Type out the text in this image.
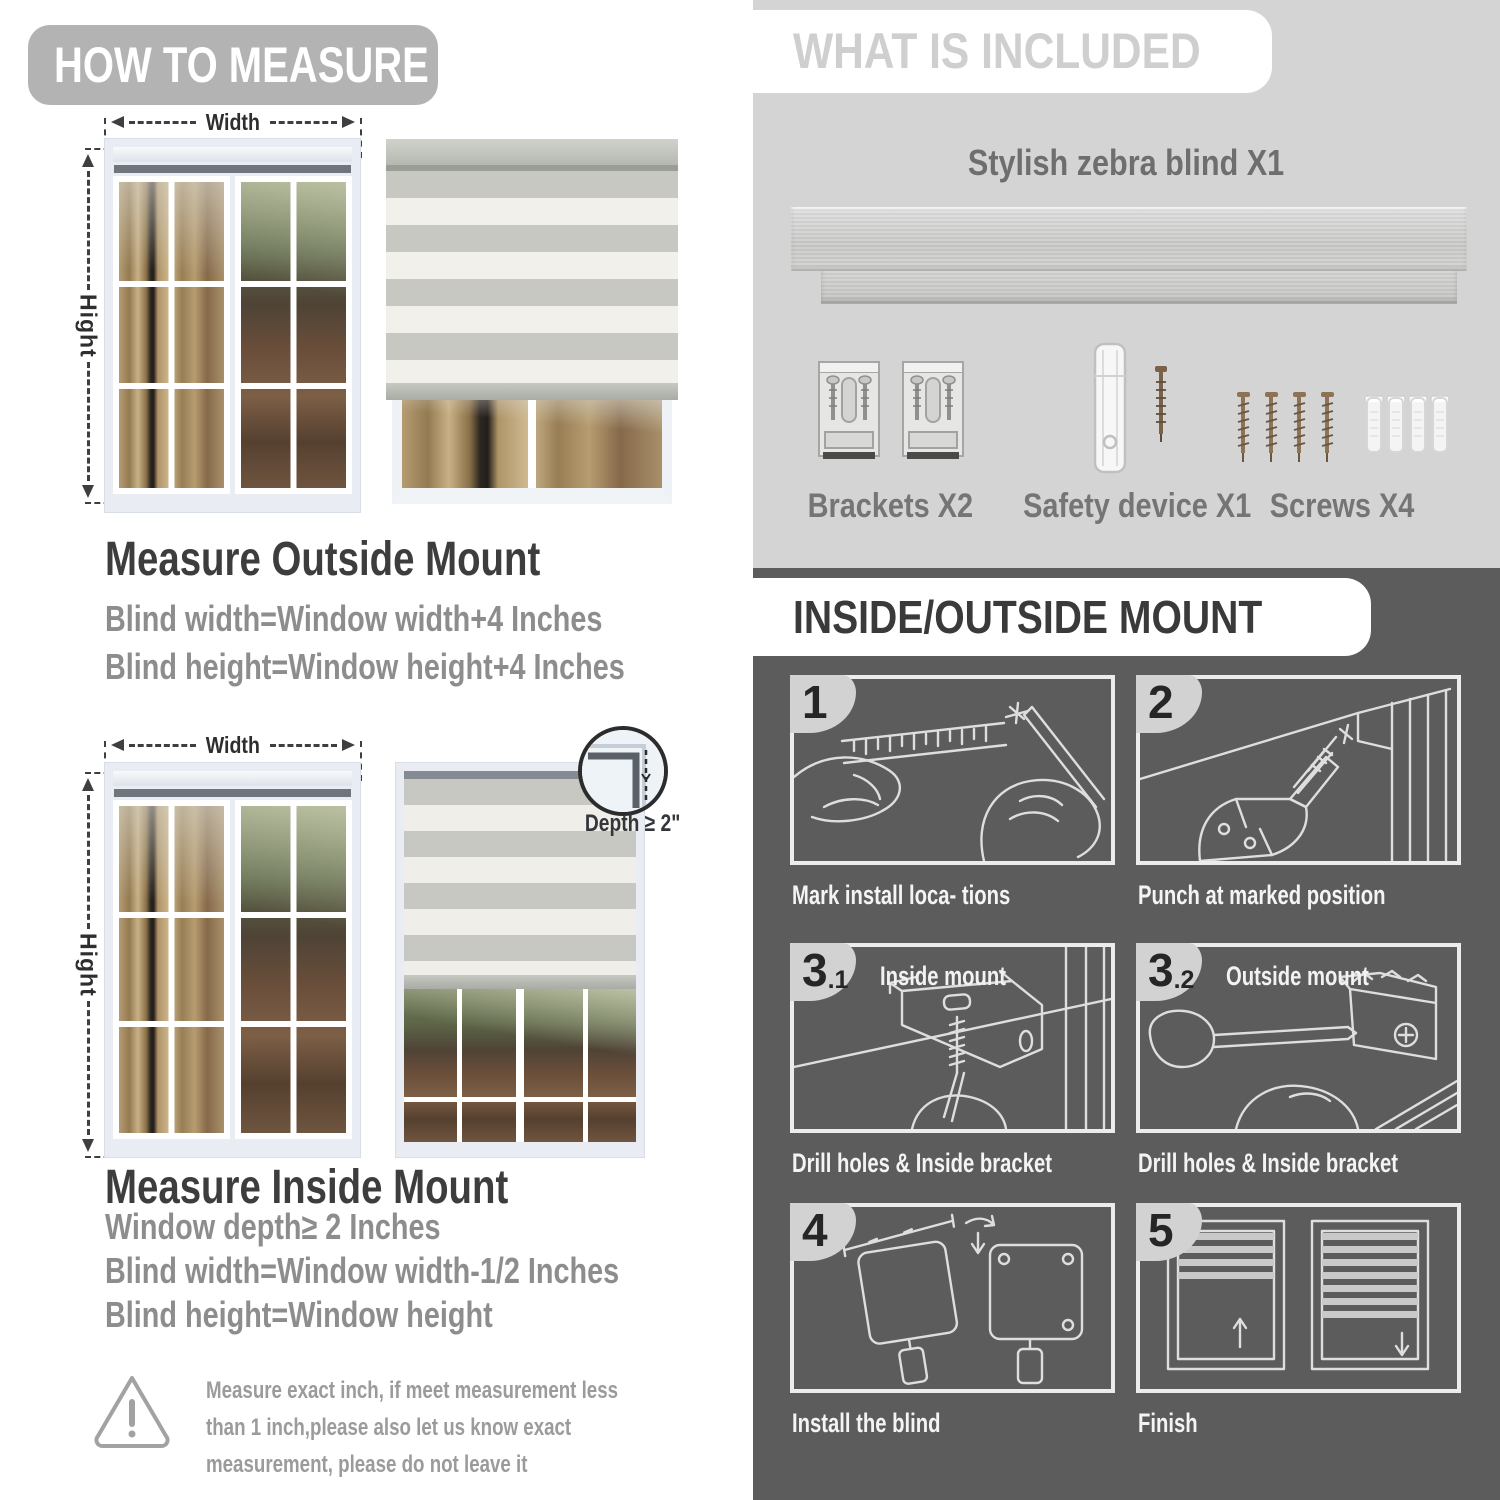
HOW TO MEASURE
Width
Hight
Measure Outside Mount
Blind width=Window width+4 Inches
Blind height=Window height+4 Inches
Width
Hight
Depth ≥ 2"
Measure Inside Mount
Window depth≥ 2 Inches
Blind width=Window width-1/2 Inches
Blind height=Window height
Measure exact inch, if meet measurement less than 1 inch,please also let us know exact measurement, please do not leave it
WHAT IS INCLUDED
Stylish zebra blind X1
Brackets X2	Safety device X1 Screws X4
INSIDE/OUTSIDE MOUNT
1
Mark install loca- tions
2
Punch at marked position
3.1 Inside mount
Drill holes & Inside bracket
3.2 Outside mount
Drill holes & Inside bracket
4
Install the blind
5
Finish
